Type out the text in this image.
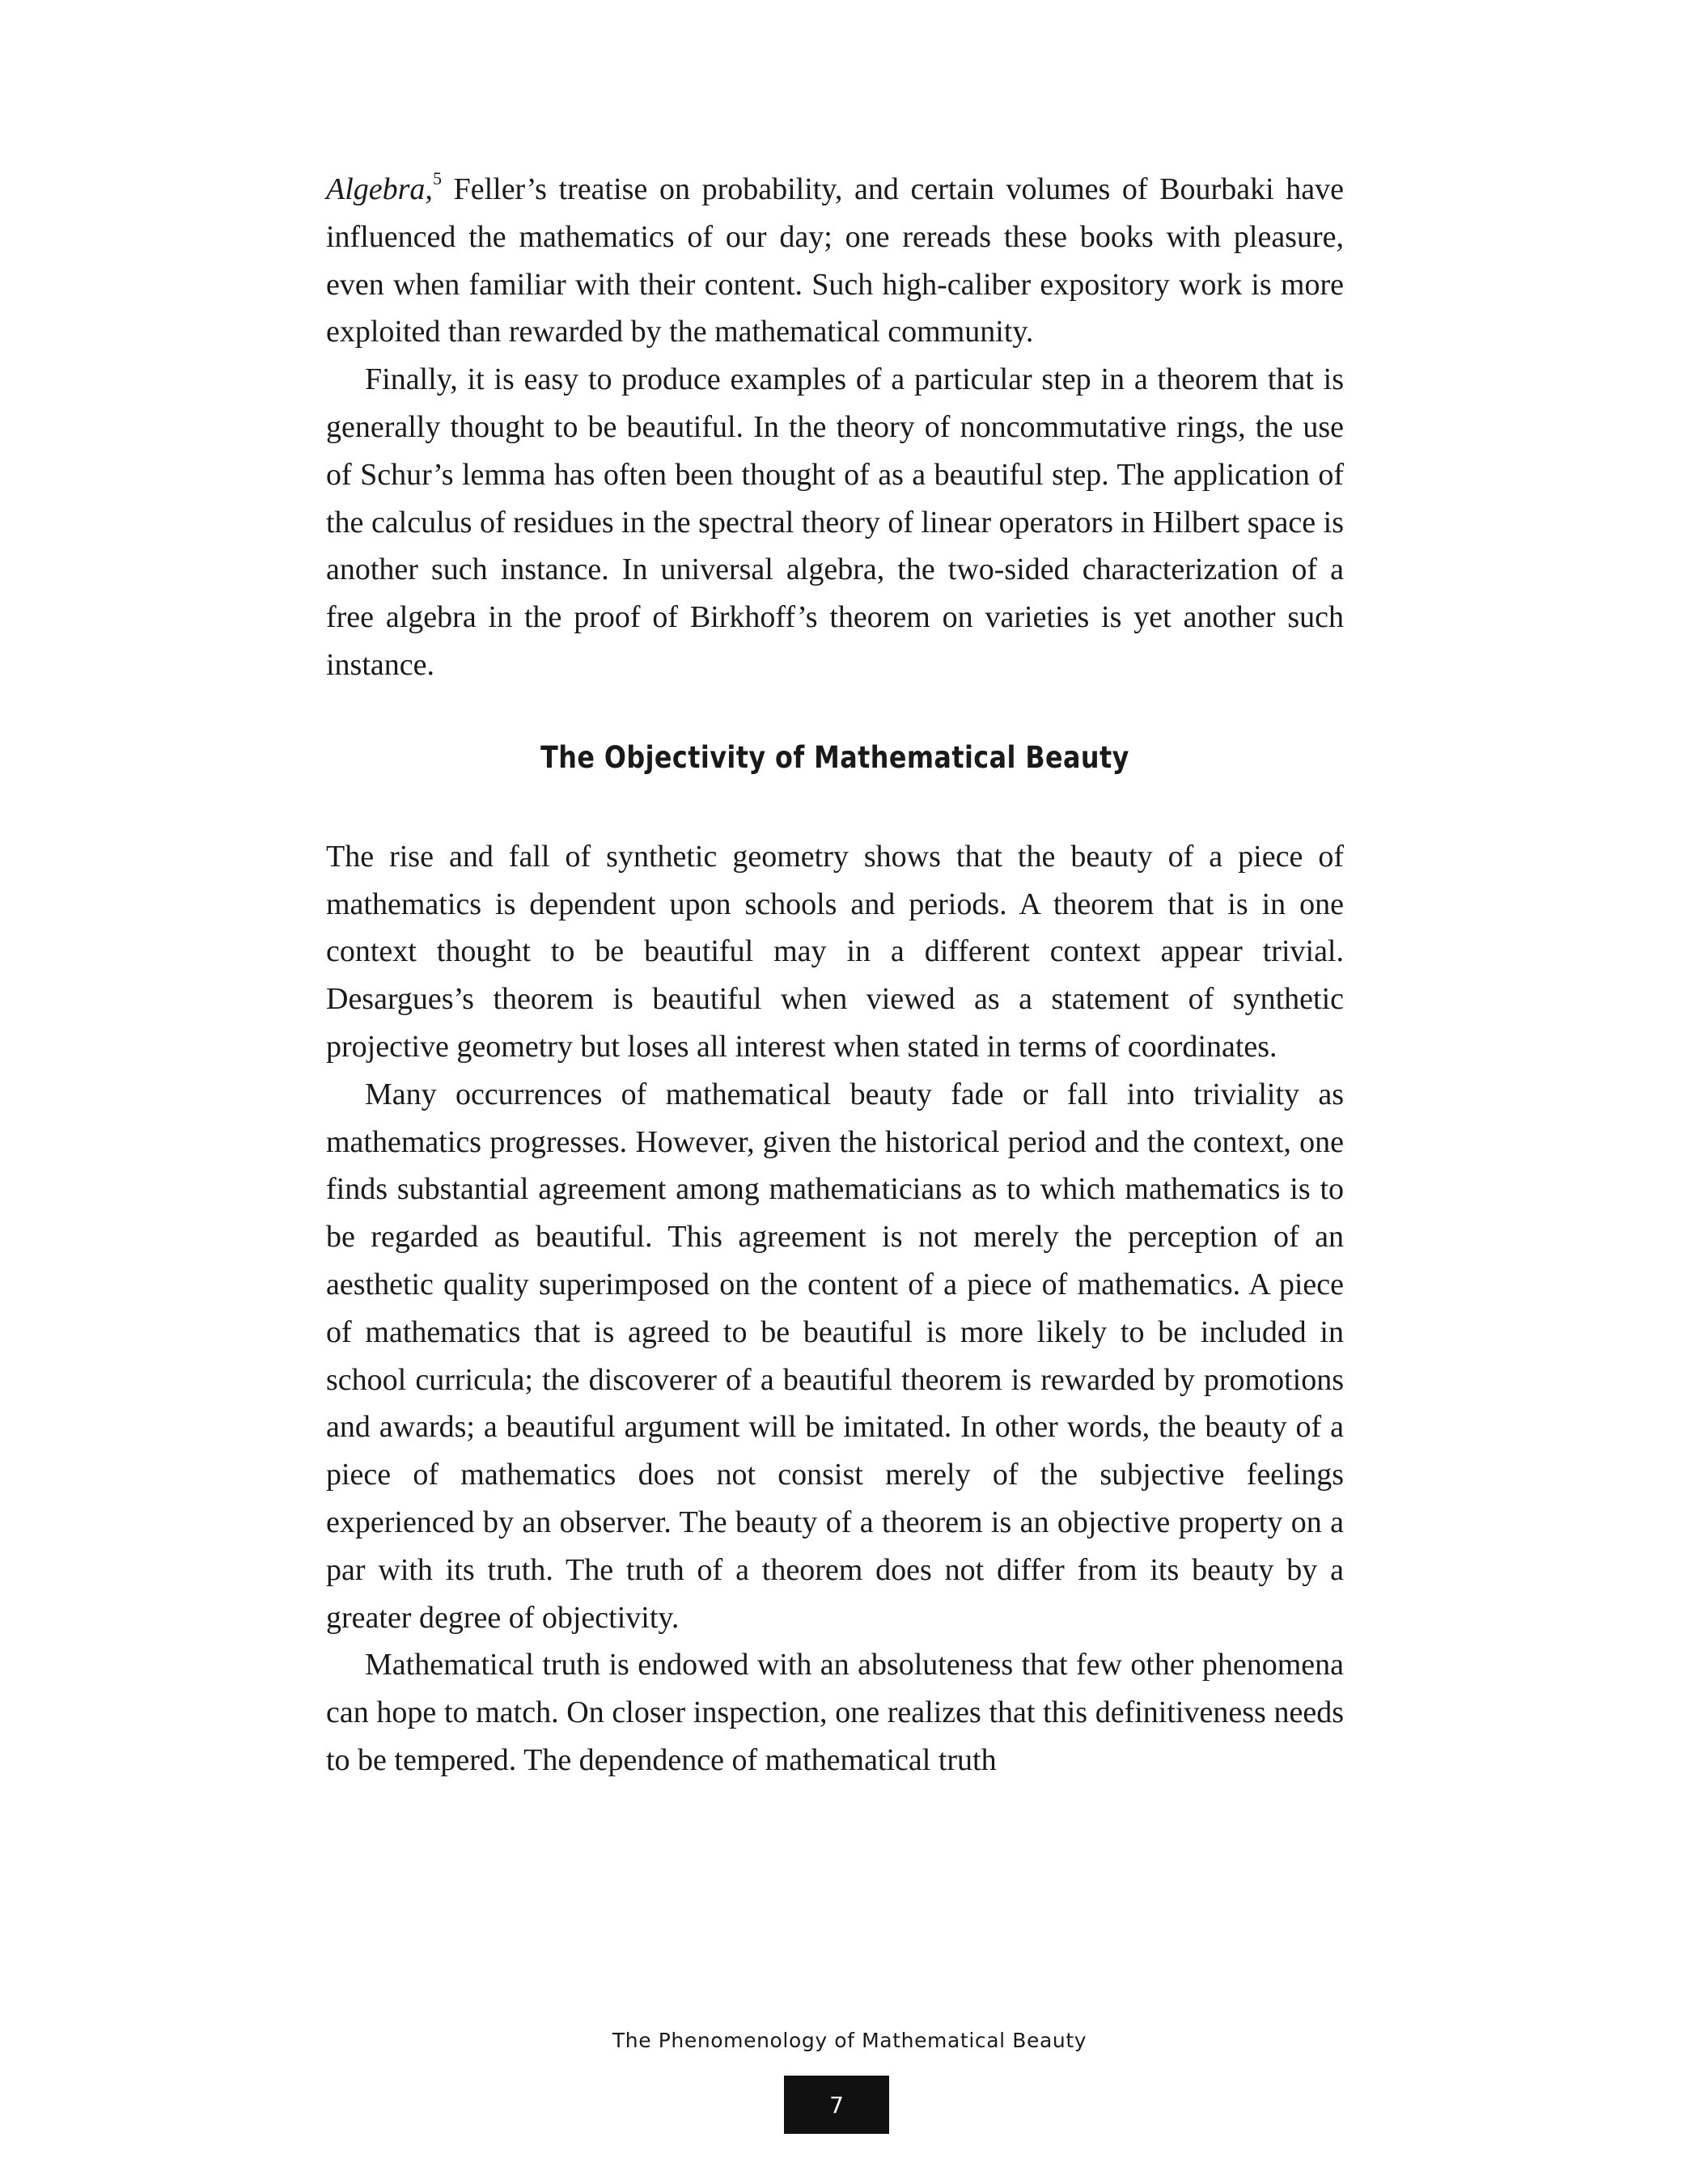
Algebra,$^5$ Feller’s treatise on probability, and certain volumes of Bourbaki have influenced the mathematics of our day; one rereads these books with pleasure, even when familiar with their content. Such high-caliber expository work is more exploited than rewarded by the mathematical community.

Finally, it is easy to produce examples of a particular step in a theorem that is generally thought to be beautiful. In the theory of noncommutative rings, the use of Schur’s lemma has often been thought of as a beautiful step. The application of the calculus of residues in the spectral theory of linear operators in Hilbert space is another such instance. In universal algebra, the two-sided characterization of a free algebra in the proof of Birkhoff’s theorem on varieties is yet another such instance.

The Objectivity of Mathematical Beauty

The rise and fall of synthetic geometry shows that the beauty of a piece of mathematics is dependent upon schools and periods. A theorem that is in one context thought to be beautiful may in a different context appear trivial. Desargues’s theorem is beautiful when viewed as a statement of synthetic projective geometry but loses all interest when stated in terms of coordinates.

Many occurrences of mathematical beauty fade or fall into triviality as mathematics progresses. However, given the historical period and the context, one finds substantial agreement among mathematicians as to which mathematics is to be regarded as beautiful. This agreement is not merely the perception of an aesthetic quality superimposed on the content of a piece of mathematics. A piece of mathematics that is agreed to be beautiful is more likely to be included in school curricula; the discoverer of a beautiful theorem is rewarded by promotions and awards; a beautiful argument will be imitated. In other words, the beauty of a piece of mathematics does not consist merely of the subjective feelings experienced by an observer. The beauty of a theorem is an objective property on a par with its truth. The truth of a theorem does not differ from its beauty by a greater degree of objectivity.

Mathematical truth is endowed with an absoluteness that few other phenomena can hope to match. On closer inspection, one realizes that this definitiveness needs to be tempered. The dependence of mathematical truth

The Phenomenology of Mathematical Beauty
7
